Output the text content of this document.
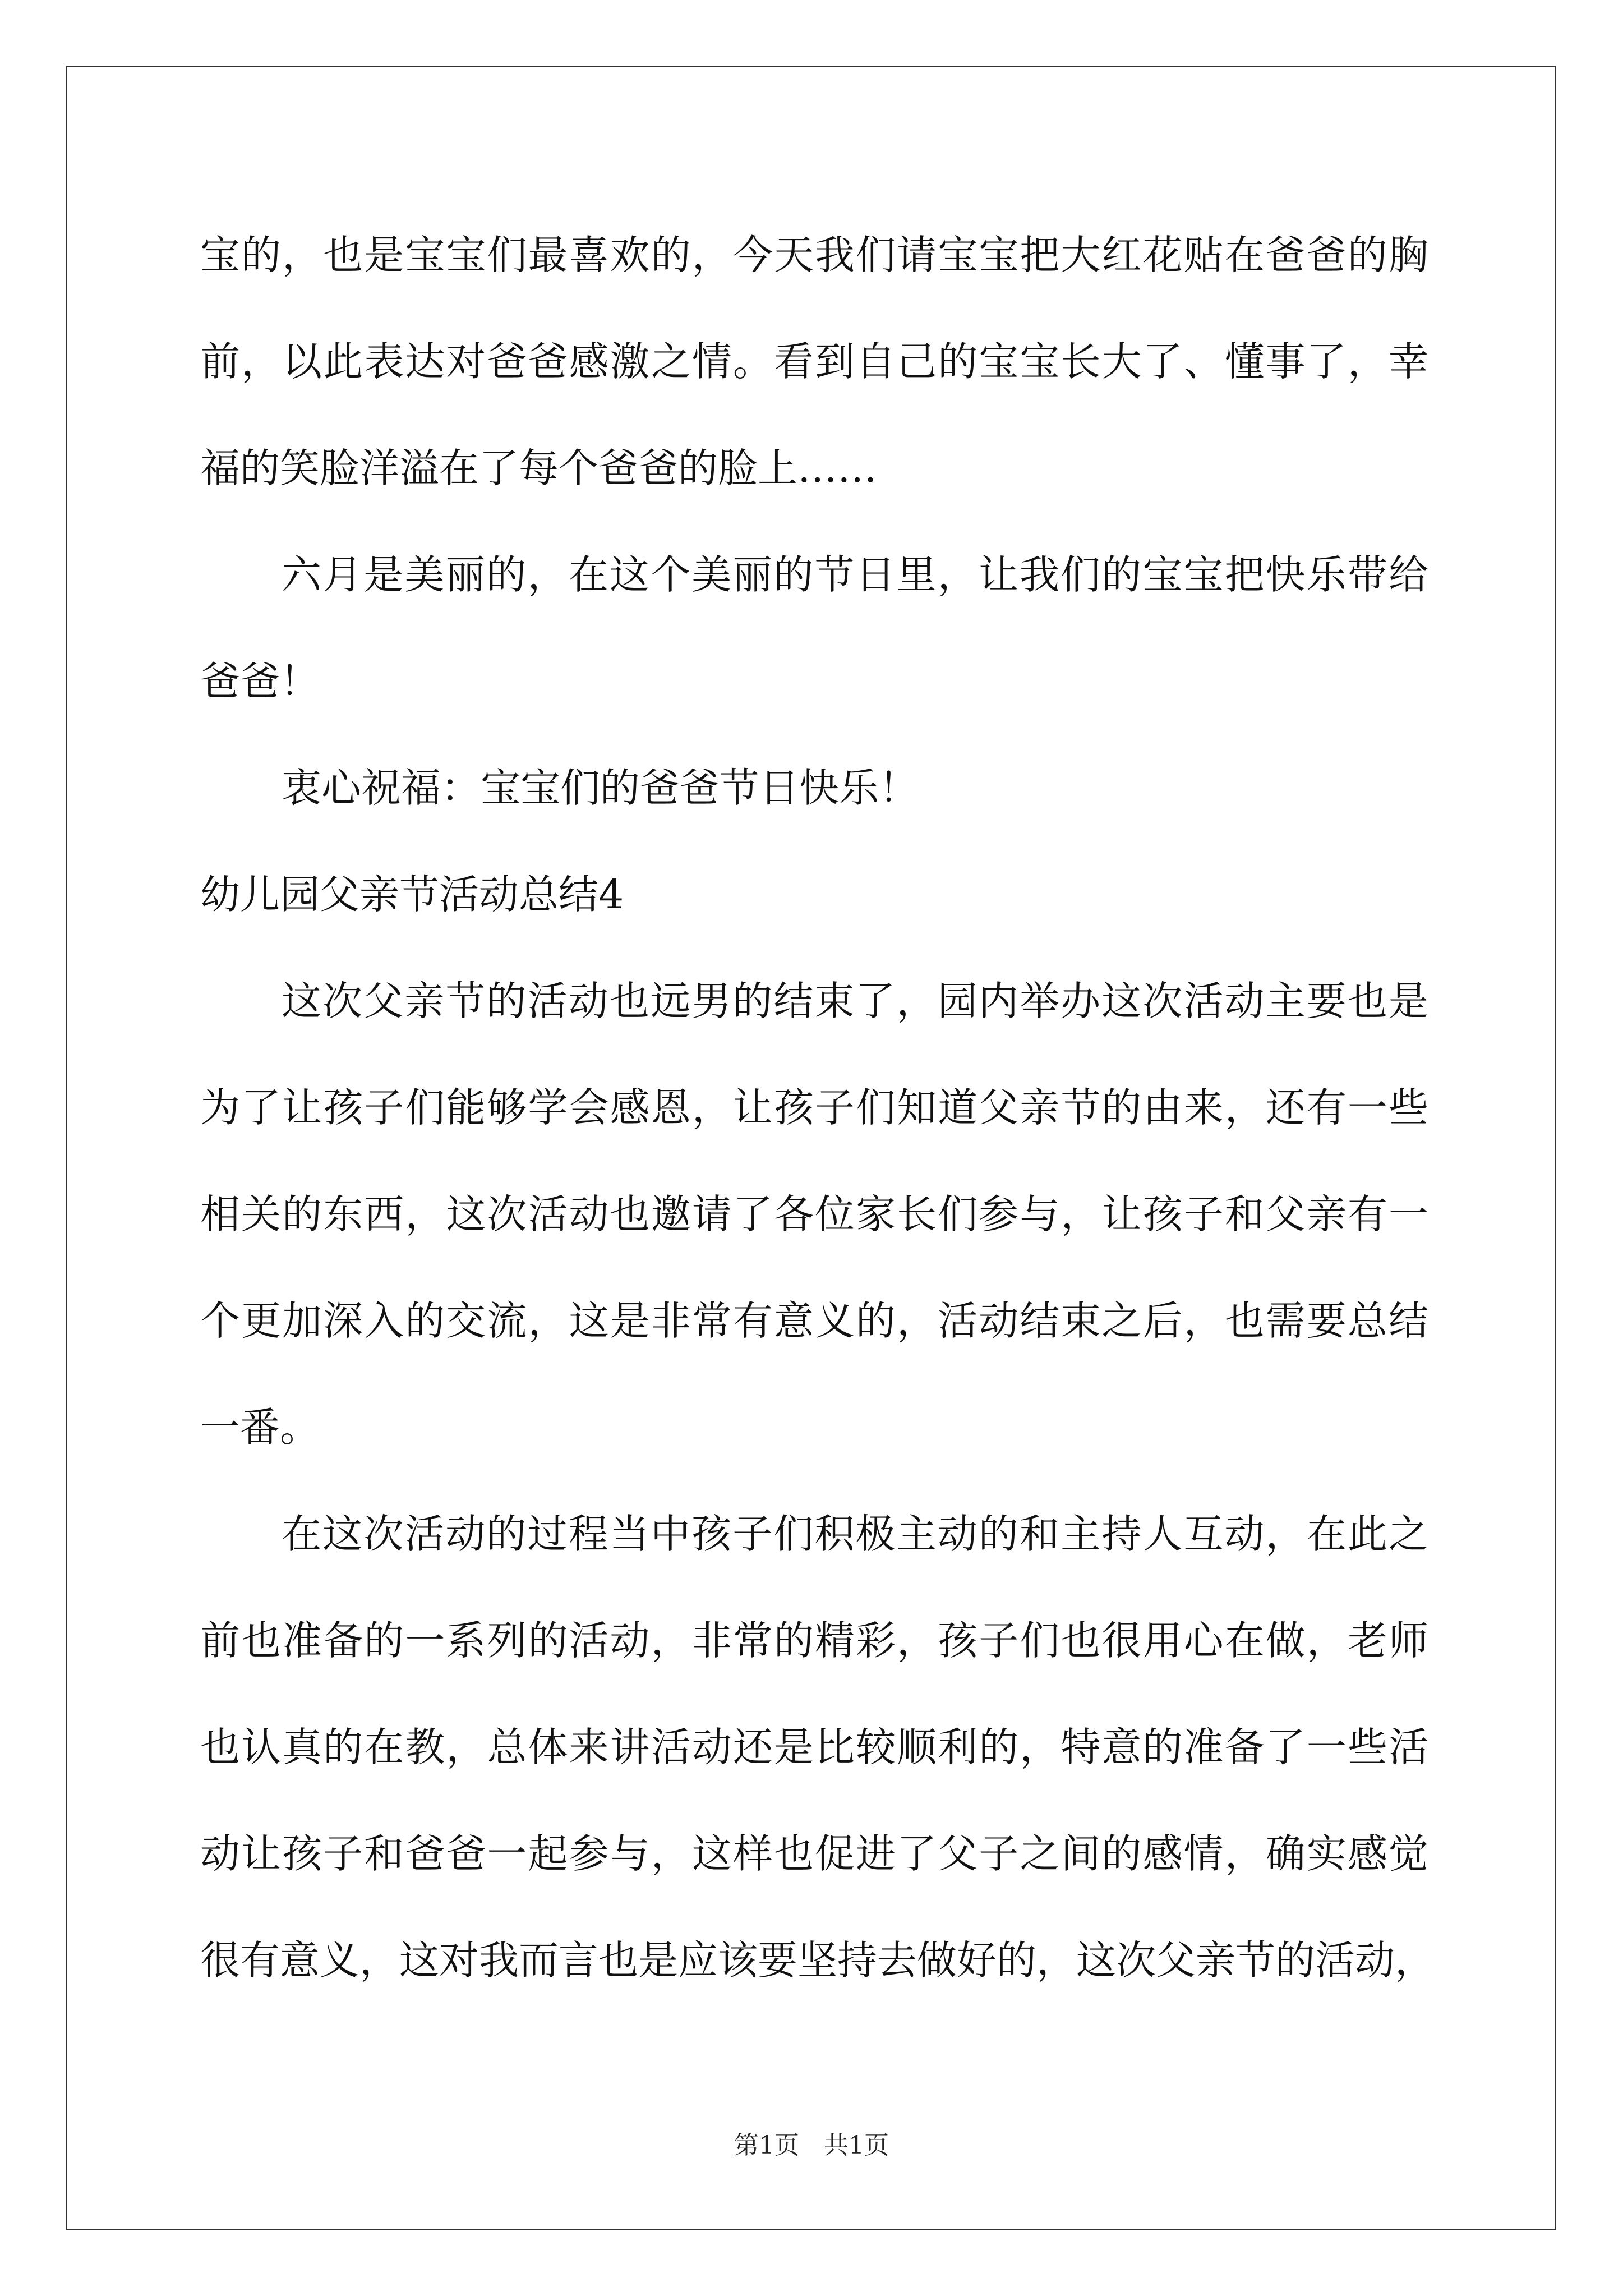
宝的，也是宝宝们最喜欢的，今天我们请宝宝把大红花贴在爸爸的胸
前，以此表达对爸爸感激之情。看到自己的宝宝长大了、懂事了，幸
福的笑脸洋溢在了每个爸爸的脸上……
六月是美丽的，在这个美丽的节日里，让我们的宝宝把快乐带给
爸爸！
衷心祝福：宝宝们的爸爸节日快乐！
幼儿园父亲节活动总结4
这次父亲节的活动也远男的结束了，园内举办这次活动主要也是
为了让孩子们能够学会感恩，让孩子们知道父亲节的由来，还有一些
相关的东西，这次活动也邀请了各位家长们参与，让孩子和父亲有一
个更加深入的交流，这是非常有意义的，活动结束之后，也需要总结
一番。
在这次活动的过程当中孩子们积极主动的和主持人互动，在此之
前也准备的一系列的活动，非常的精彩，孩子们也很用心在做，老师
也认真的在教，总体来讲活动还是比较顺利的，特意的准备了一些活
动让孩子和爸爸一起参与，这样也促进了父子之间的感情，确实感觉
很有意义，这对我而言也是应该要坚持去做好的，这次父亲节的活动，
第1页　共1页
